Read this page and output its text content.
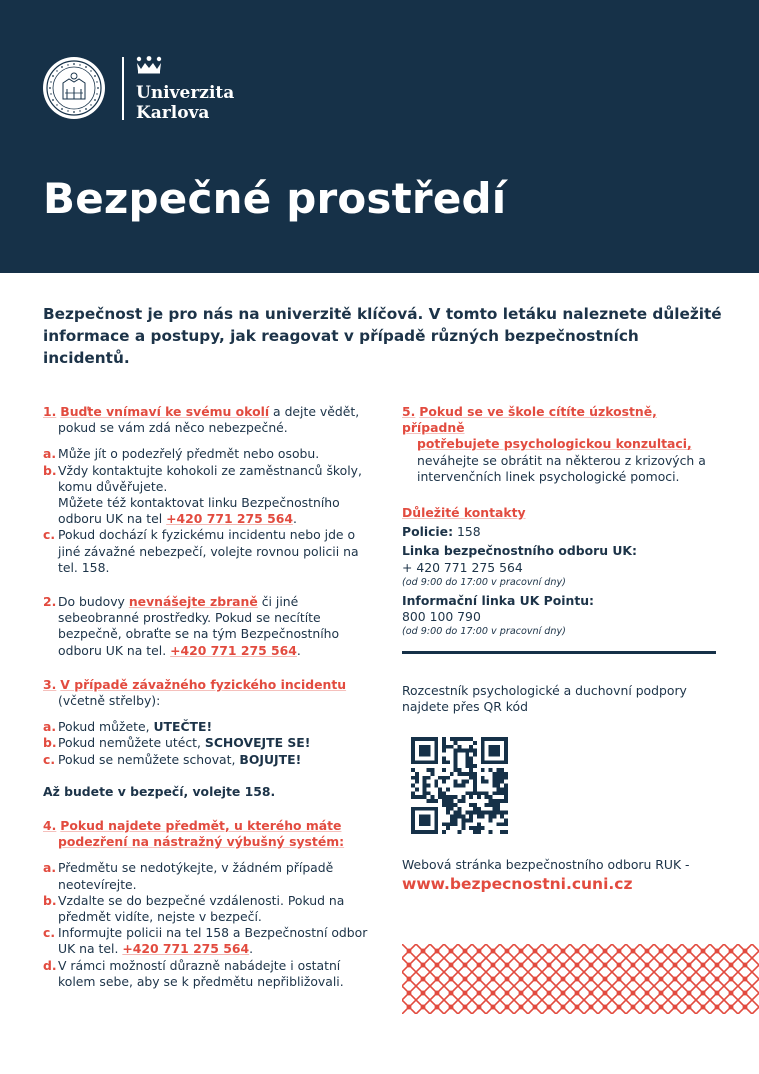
Univerzita
Karlova
Bezpečné prostředí
Bezpečnost je pro nás na univerzitě klíčová. V tomto letáku naleznete důležité informace a postupy, jak reagovat v případě různých bezpečnostních incidentů.
1. Buďte vnímaví ke svému okolí a dejte vědět,
pokud se vám zdá něco nebezpečné.
a. Může jít o podezřelý předmět nebo osobu.
b. Vždy kontaktujte kohokoli ze zaměstnanců školy, komu důvěřujete.
Můžete též kontaktovat linku Bezpečnostního odboru UK na tel +420 771 275 564.
c. Pokud dochází k fyzickému incidentu nebo jde o jiné závažné nebezpečí, volejte rovnou policii na tel. 158.
2. Do budovy nevnášejte zbraně či jiné sebeobranné prostředky. Pokud se necítíte bezpečně, obraťte se na tým Bezpečnostního odboru UK na tel. +420 771 275 564.
3. V případě závažného fyzického incidentu
(včetně střelby):
a. Pokud můžete, UTEČTE!
b. Pokud nemůžete utéct, SCHOVEJTE SE!
c. Pokud se nemůžete schovat, BOJUJTE!
Až budete v bezpečí, volejte 158.
4. Pokud najdete předmět, u kterého máte
podezření na nástražný výbušný systém:
a. Předmětu se nedotýkejte, v žádném případě neotevírejte.
b. Vzdalte se do bezpečné vzdálenosti. Pokud na předmět vidíte, nejste v bezpečí.
c. Informujte policii na tel 158 a Bezpečnostní odbor UK na tel. +420 771 275 564.
d. V rámci možností důrazně nabádejte i ostatní kolem sebe, aby se k předmětu nepřibližovali.
5. Pokud se ve škole cítíte úzkostně, případně
potřebujete psychologickou konzultaci,
neváhejte se obrátit na některou z krizových a intervenčních linek psychologické pomoci.
Důležité kontakty
Policie: 158
Linka bezpečnostního odboru UK:
+ 420 771 275 564
(od 9:00 do 17:00 v pracovní dny)
Informační linka UK Pointu:
800 100 790
(od 9:00 do 17:00 v pracovní dny)
Rozcestník psychologické a duchovní podpory najdete přes QR kód
Webová stránka bezpečnostního odboru RUK -
www.bezpecnostni.cuni.cz
